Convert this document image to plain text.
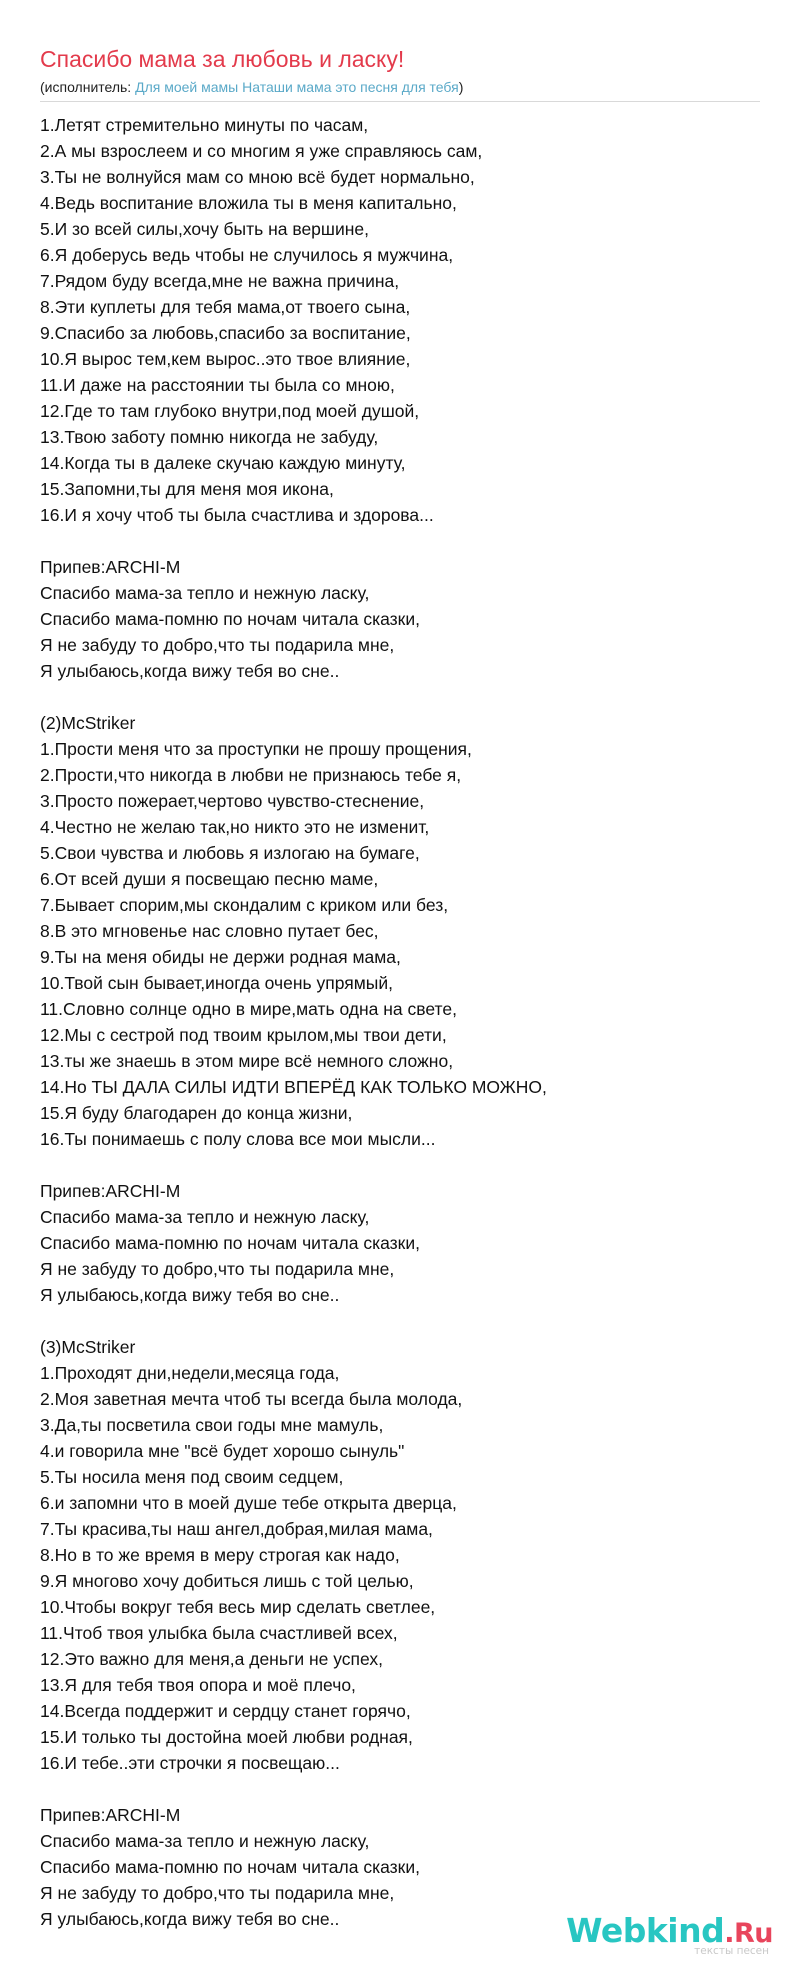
Спасибо мама за любовь и ласку!
(исполнитель: Для моей мамы Наташи мама это песня для тебя)
1.Летят стремительно минуты по часам,
2.А мы взрослеем и со многим я уже справляюсь сам,
3.Ты не волнуйся мам со мною всё будет нормально,
4.Ведь воспитание вложила ты в меня капитально,
5.И зо всей силы,хочу быть на вершине,
6.Я доберусь ведь чтобы не случилось я мужчина,
7.Рядом буду всегда,мне не важна причина,
8.Эти куплеты для тебя мама,от твоего сына,
9.Спасибо за любовь,спасибо за воспитание,
10.Я вырос тем,кем вырос..это твое влияние,
11.И даже на расстоянии ты была со мною,
12.Где то там глубоко внутри,под моей душой,
13.Твою заботу помню никогда не забуду,
14.Когда ты в далеке скучаю каждую минуту,
15.Запомни,ты для меня моя икона,
16.И я хочу чтоб ты была счастлива и здорова...
Припев:ARCHI-M
Спасибо мама-за тепло и нежную ласку,
Спасибо мама-помню по ночам читала сказки,
Я не забуду то добро,что ты подарила мне,
Я улыбаюсь,когда вижу тебя во сне..
(2)McStriker
1.Прости меня что за проступки не прошу прощения,
2.Прости,что никогда в любви не признаюсь тебе я,
3.Просто пожерает,чертово чувство-стеснение,
4.Честно не желаю так,но никто это не изменит,
5.Свои чувства и любовь я излогаю на бумаге,
6.От всей души я посвещаю песню маме,
7.Бывает спорим,мы скондалим с криком или без,
8.В это мгновенье нас словно путает бес,
9.Ты на меня обиды не держи родная мама,
10.Твой сын бывает,иногда очень упрямый,
11.Словно солнце одно в мире,мать одна на свете,
12.Мы с сестрой под твоим крылом,мы твои дети,
13.ты же знаешь в этом мире всё немного сложно,
14.Но ТЫ ДАЛА СИЛЫ ИДТИ ВПЕРЁД КАК ТОЛЬКО МОЖНО,
15.Я буду благодарен до конца жизни,
16.Ты понимаешь с полу слова все мои мысли...
Припев:ARCHI-M
Спасибо мама-за тепло и нежную ласку,
Спасибо мама-помню по ночам читала сказки,
Я не забуду то добро,что ты подарила мне,
Я улыбаюсь,когда вижу тебя во сне..
(3)McStriker
1.Проходят дни,недели,месяца года,
2.Моя заветная мечта чтоб ты всегда была молода,
3.Да,ты посветила свои годы мне мамуль,
4.и говорила мне "всё будет хорошо сынуль"
5.Ты носила меня под своим седцем,
6.и запомни что в моей душе тебе открыта дверца,
7.Ты красива,ты наш ангел,добрая,милая мама,
8.Но в то же время в меру строгая как надо,
9.Я многово хочу добиться лишь с той целью,
10.Чтобы вокруг тебя весь мир сделать светлее,
11.Чтоб твоя улыбка была счастливей всех,
12.Это важно для меня,а деньги не успех,
13.Я для тебя твоя опора и моё плечо,
14.Всегда поддержит и сердцу станет горячо,
15.И только ты достойна моей любви родная,
16.И тебе..эти строчки я посвещаю...
Припев:ARCHI-M
Спасибо мама-за тепло и нежную ласку,
Спасибо мама-помню по ночам читала сказки,
Я не забуду то добро,что ты подарила мне,
Я улыбаюсь,когда вижу тебя во сне..	Webkind.Ru
тексты песен
